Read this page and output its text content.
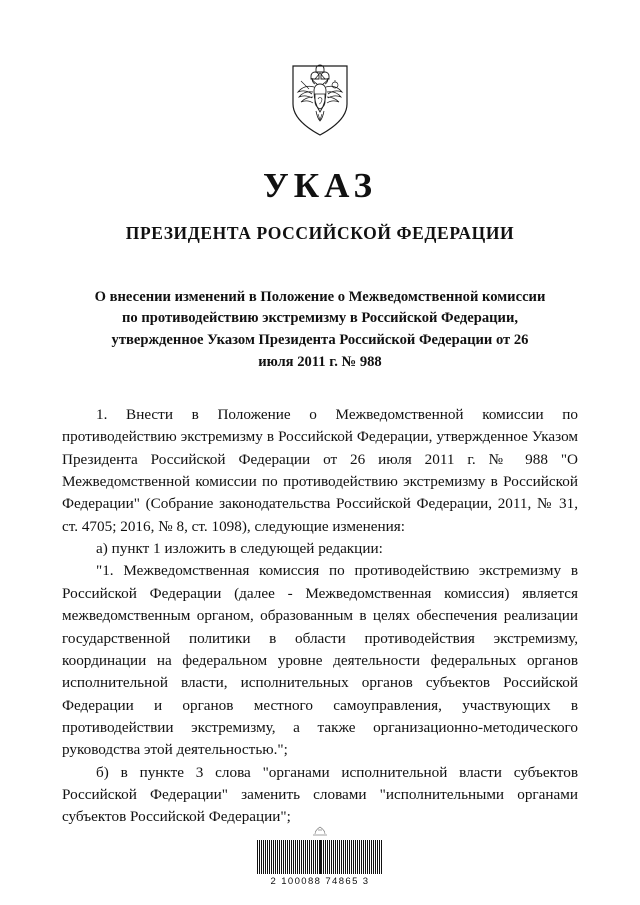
УКАЗ
ПРЕЗИДЕНТА РОССИЙСКОЙ ФЕДЕРАЦИИ
О внесении изменений в Положение о Межведомственной комиссии по противодействию экстремизму в Российской Федерации, утвержденное Указом Президента Российской Федерации от 26 июля 2011 г. № 988

1. Внести в Положение о Межведомственной комиссии по противодействию экстремизму в Российской Федерации, утвержденное Указом Президента Российской Федерации от 26 июля 2011 г. № 988 "О Межведомственной комиссии по противодействию экстремизму в Российской Федерации" (Собрание законодательства Российской Федерации, 2011, № 31, ст. 4705; 2016, № 8, ст. 1098), следующие изменения:

а) пункт 1 изложить в следующей редакции:

"1. Межведомственная комиссия по противодействию экстремизму в Российской Федерации (далее - Межведомственная комиссия) является межведомственным органом, образованным в целях обеспечения реализации государственной политики в области противодействия экстремизму, координации на федеральном уровне деятельности федеральных органов исполнительной власти, исполнительных органов субъектов Российской Федерации и органов местного самоуправления, участвующих в противодействии экстремизму, а также организационно-методического руководства этой деятельностью.";

б) в пункте 3 слова "органами исполнительной власти субъектов Российской Федерации" заменить словами "исполнительными органами субъектов Российской Федерации";

2 100088 74865 3
